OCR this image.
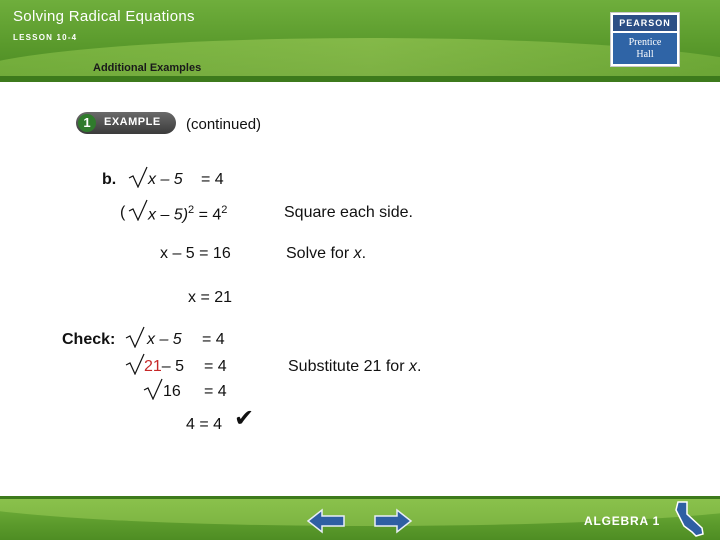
Solving Radical Equations
LESSON 10-4
Additional Examples
PEARSON
Prentice
Hall
1	EXAMPLE (continued)
b. x – 5 = 4
( $x - 5)^2 = 4^2$	Square each side.
x – 5 = 16	Solve for x.
x = 21
Check: x – 5 = 4
21– 5 = 4	Substitute 21 for x.
16 = 4
4 = 4 ✔
ALGEBRA 1
